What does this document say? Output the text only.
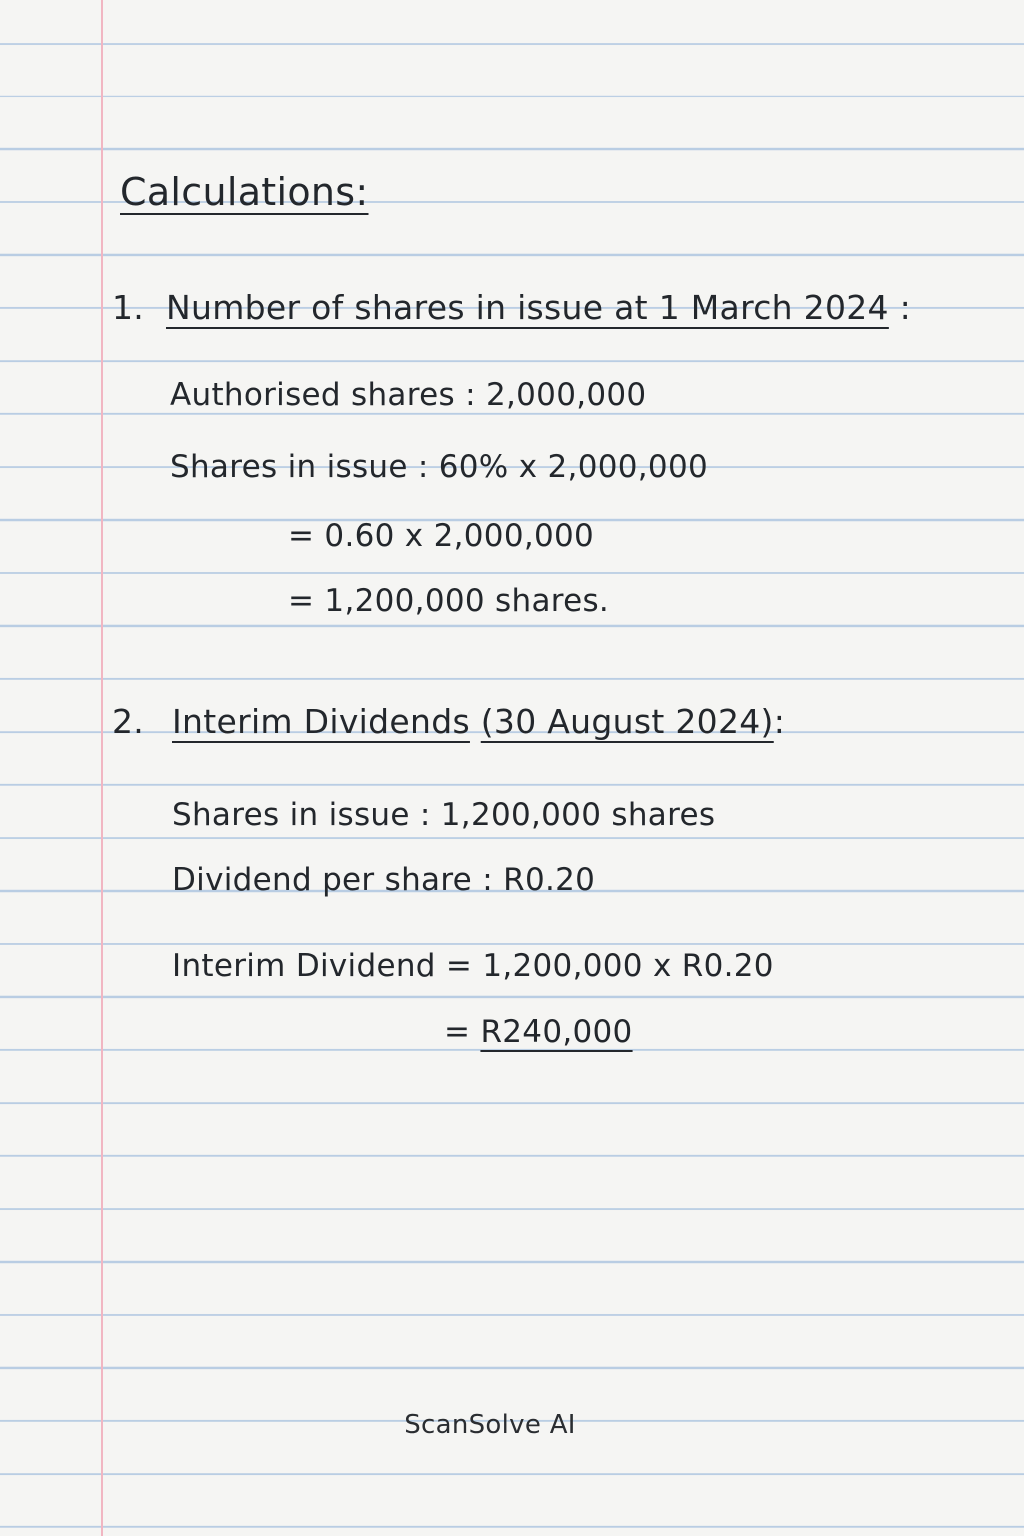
Calculations:
1. Number of shares in issue at 1 March 2024 :
Authorised shares : 2,000,000
Shares in issue : 60% x 2,000,000
= 0.60 x 2,000,000
= 1,200,000 shares.
2. Interim Dividends (30 August 2024):
Shares in issue : 1,200,000 shares
Dividend per share : R0.20
Interim Dividend = 1,200,000 x R0.20
= R240,000
ScanSolve AI
